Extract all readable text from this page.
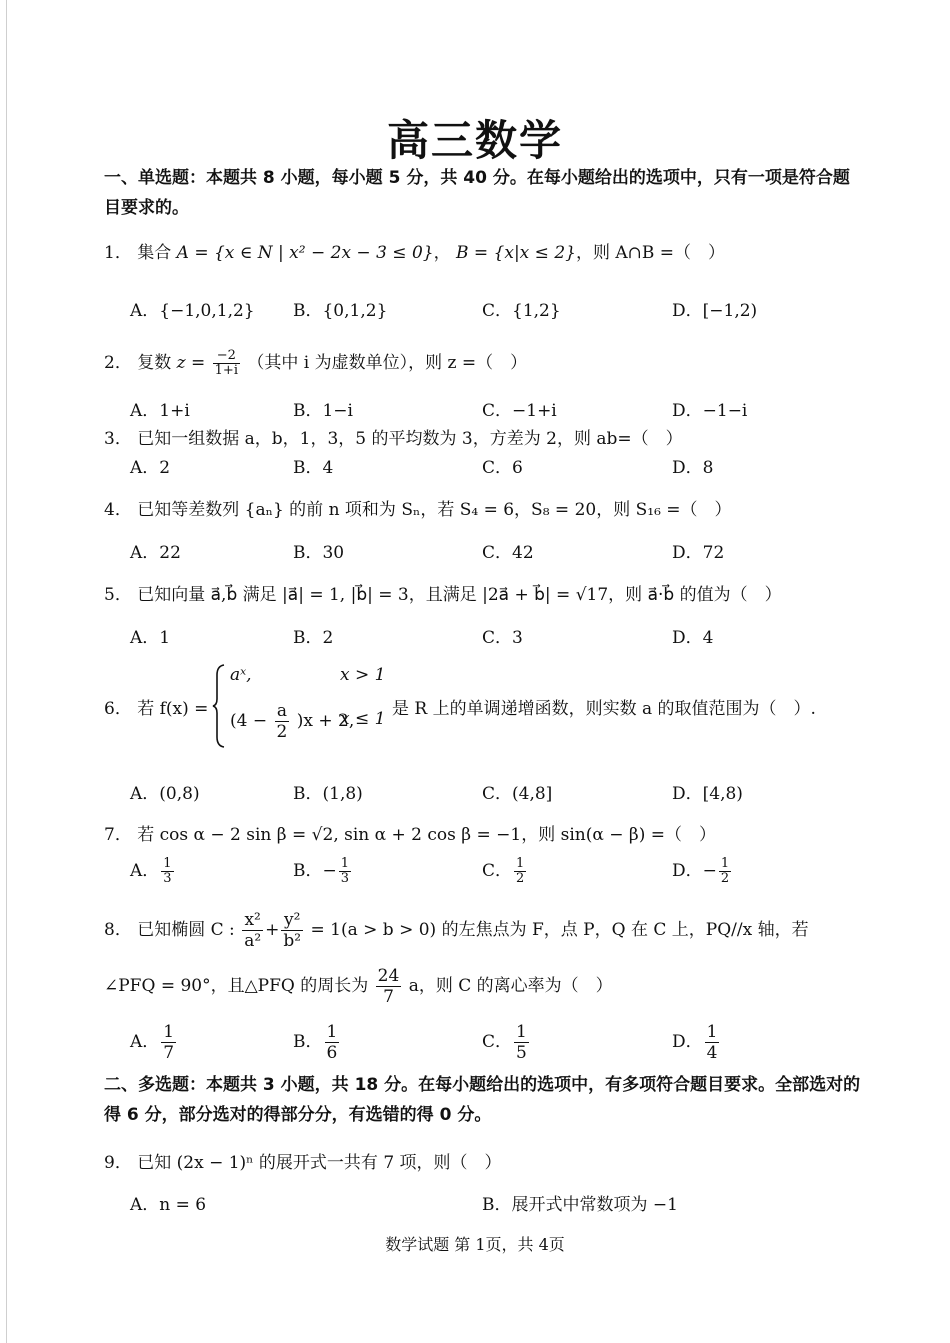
高三数学
一、单选题：本题共 8 小题，每小题 5 分，共 40 分。在每小题给出的选项中，只有一项是符合题目要求的。
1． 集合 A = {x ∈ N | x² − 2x − 3 ≤ 0}， B = {x|x ≤ 2}，则 A∩B =（　）
A．{−1,0,1,2} B．{0,1,2}	C．{1,2}	D．[−1,2)
2． 复数 $z = \frac{-2}{1+i}$ （其中 i 为虚数单位），则 z =（　）
A．1+i	B．1−i	C．−1+i	D．−1−i
3． 已知一组数据 a，b，1，3，5 的平均数为 3，方差为 2，则 ab=（　）
A．2	B．4	C．6	D．8
4． 已知等差数列 {aₙ} 的前 n 项和为 Sₙ，若 S₄ = 6，S₈ = 20，则 S₁₆ =（　）
A．22	B．30	C．42	D．72
5． 已知向量 a⃗,b⃗ 满足 |a⃗| = 1, |b⃗| = 3，且满足 |2a⃗ + b⃗| = √17，则 a⃗·b⃗ 的值为（　）
A．1	B．2	C．3	D．4
6． 若 f(x) =
aˣ,	x > 1
$(4 - \frac{a}{2} )x + 2$,
x ≤ 1 是 R 上的单调递增函数，则实数 a 的取值范围为（　）.
A．(0,8)	B．(1,8)	C．(4,8]	D．[4,8)
7． 若 cos α − 2 sin β = √2, sin α + 2 cos β = −1，则 sin(α − β) =（　）
A． $\frac{1}{3}$	B．− $\frac{1}{3}$	C． $\frac{1}{2}$	D．− $\frac{1}{2}$
8． 已知椭圆 C : $\frac{\text{x²}}{\text{a²}} + \frac{\text{y²}}{\text{b²}} = 1(a > b > 0)$ 的左焦点为 F，点 P，Q 在 C 上，PQ//x 轴，若
∠PFQ = 90°，且△PFQ 的周长为 $\frac{24}{7}$ a，则 C 的离心率为（　）
A． $\frac{1}{7}$	B． $\frac{1}{6}$	C． $\frac{1}{5}$	D． $\frac{1}{4}$
二、多选题：本题共 3 小题，共 18 分。在每小题给出的选项中，有多项符合题目要求。全部选对的得 6 分，部分选对的得部分分，有选错的得 0 分。
9． 已知 (2x − 1)ⁿ 的展开式一共有 7 项，则（　）
A．n = 6	B．展开式中常数项为 −1
数学试题 第 1页，共 4页
